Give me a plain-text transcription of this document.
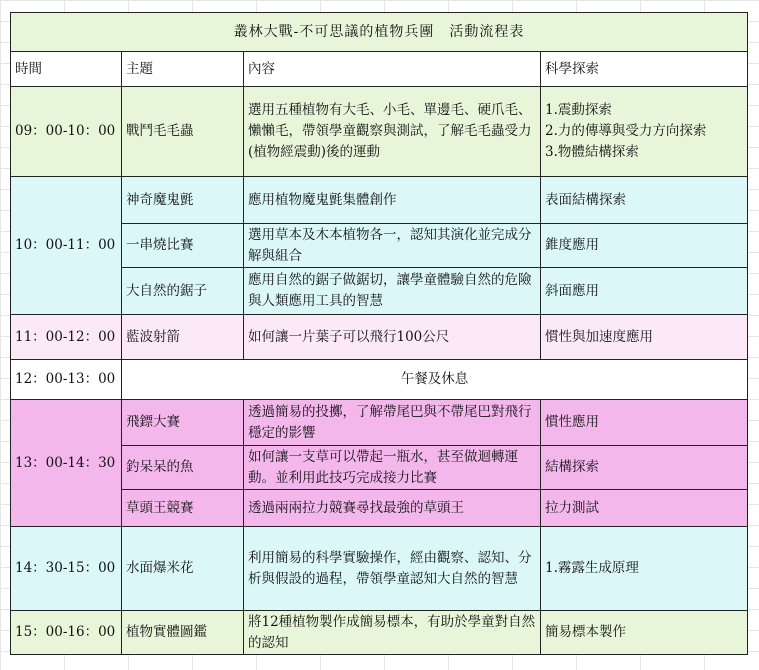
叢林大戰-不可思議的植物兵團　活動流程表			
時間	主題	內容	科學探索
09：00-10：00	戰鬥毛毛蟲	選用五種植物有大毛、小毛、單邊毛、硬爪毛、懶懶毛，帶領學童觀察與測試，了解毛毛蟲受力(植物經震動)後的運動	1.震動探索
2.力的傳導與受力方向探索
3.物體結構探索

10：00-11：00	神奇魔鬼氈	應用植物魔鬼氈集體創作	表面結構探索
	一串燒比賽	選用草本及木本植物各一，認知其演化並完成分解與組合	錐度應用
	大自然的鋸子	應用自然的鋸子做鋸切，讓學童體驗自然的危險與人類應用工具的智慧	斜面應用
11：00-12：00	藍波射箭	如何讓一片葉子可以飛行100公尺	慣性與加速度應用
12：00-13：00	午餐及休息		
13：00-14：30	飛鏢大賽	透過簡易的投擲，了解帶尾巴與不帶尾巴對飛行穩定的影響	慣性應用
	釣呆呆的魚	如何讓一支草可以帶起一瓶水，甚至做迴轉運動。並利用此技巧完成接力比賽	結構探索
	草頭王競賽	透過兩兩拉力競賽尋找最強的草頭王	拉力測試
14：30-15：00	水面爆米花	利用簡易的科學實驗操作，經由觀察、認知、分析與假設的過程，帶領學童認知大自然的智慧	1.霧露生成原理
15：00-16：00	植物實體圖鑑	將12種植物製作成簡易標本，有助於學童對自然的認知	簡易標本製作
